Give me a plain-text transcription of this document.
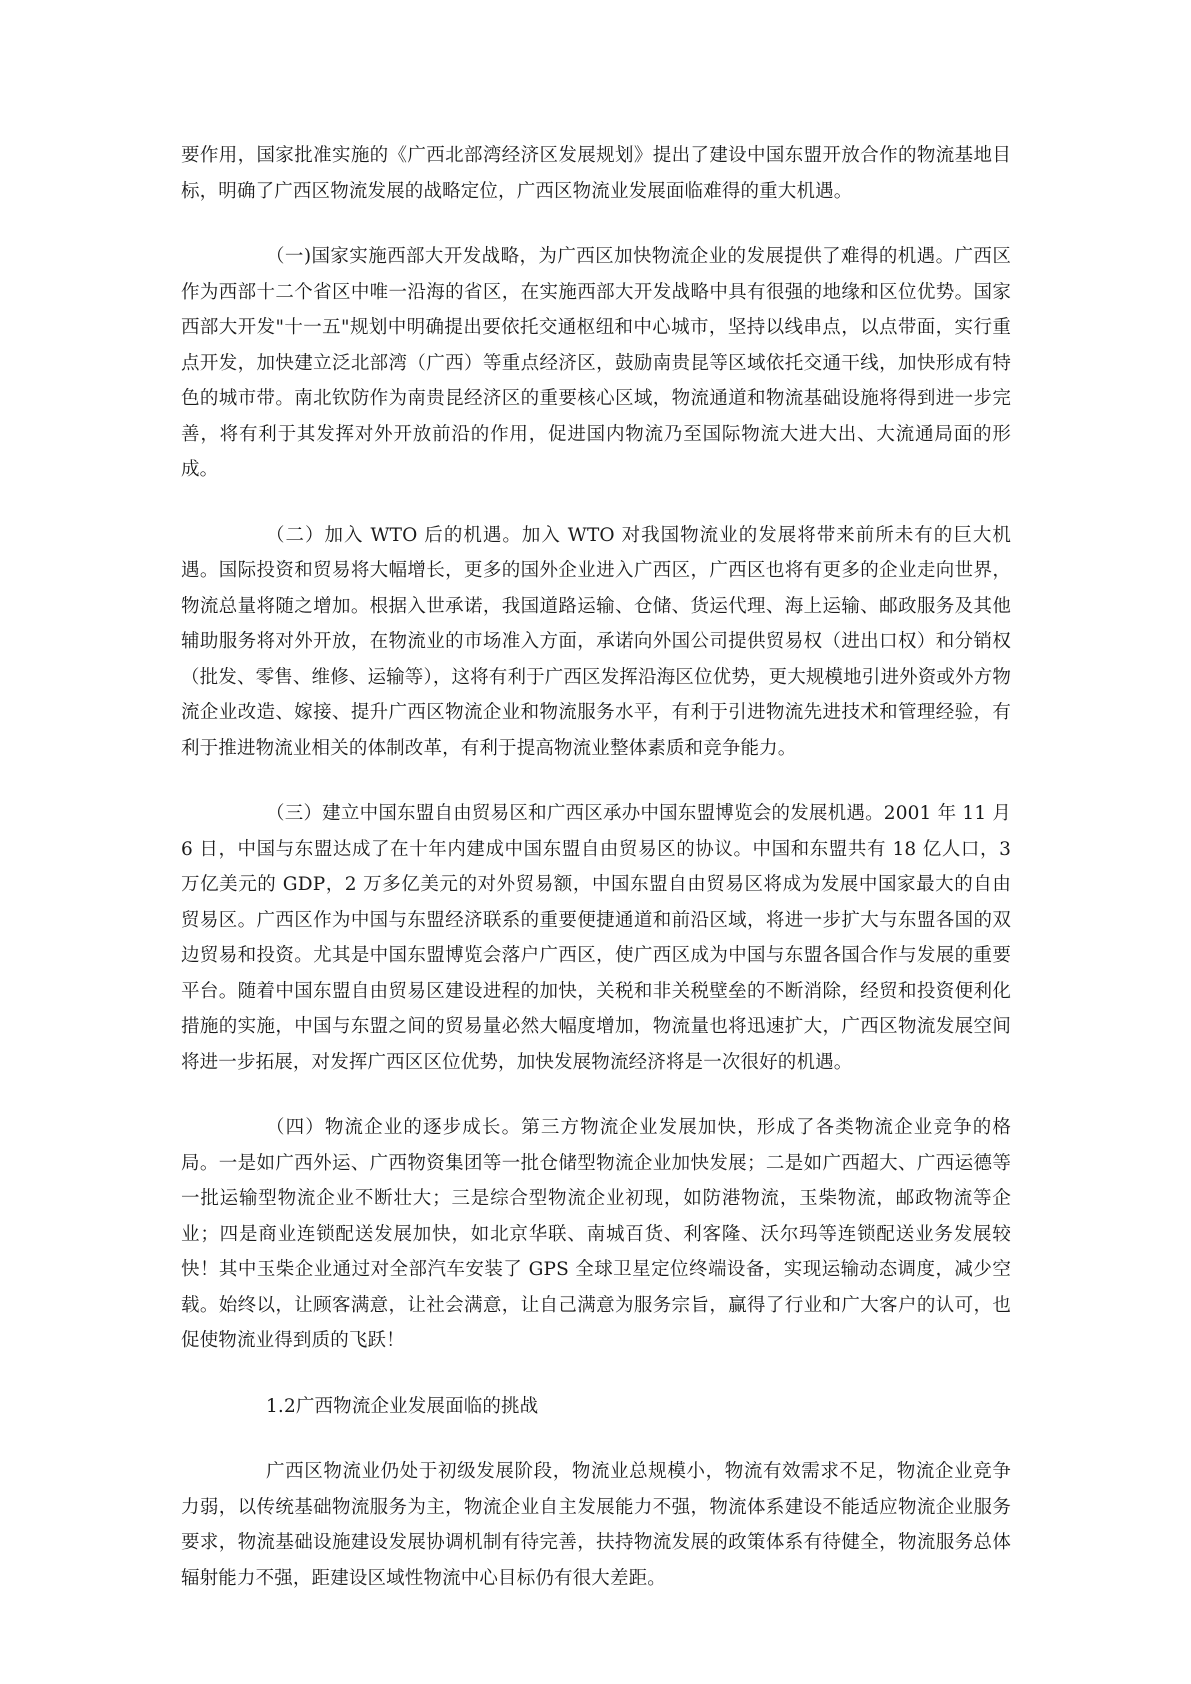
要作用，国家批准实施的《广西北部湾经济区发展规划》提出了建设中国东盟开放合作的物流基地目标，明确了广西区物流发展的战略定位，广西区物流业发展面临难得的重大机遇。

（一)国家实施西部大开发战略，为广西区加快物流企业的发展提供了难得的机遇。广西区作为西部十二个省区中唯一沿海的省区，在实施西部大开发战略中具有很强的地缘和区位优势。国家西部大开发"十一五"规划中明确提出要依托交通枢纽和中心城市，坚持以线串点，以点带面，实行重点开发，加快建立泛北部湾（广西）等重点经济区，鼓励南贵昆等区域依托交通干线，加快形成有特色的城市带。南北钦防作为南贵昆经济区的重要核心区域，物流通道和物流基础设施将得到进一步完善，将有利于其发挥对外开放前沿的作用，促进国内物流乃至国际物流大进大出、大流通局面的形成。

（二）加入 WTO 后的机遇。加入 WTO 对我国物流业的发展将带来前所未有的巨大机遇。国际投资和贸易将大幅增长，更多的国外企业进入广西区，广西区也将有更多的企业走向世界，物流总量将随之增加。根据入世承诺，我国道路运输、仓储、货运代理、海上运输、邮政服务及其他辅助服务将对外开放，在物流业的市场准入方面，承诺向外国公司提供贸易权（进出口权）和分销权（批发、零售、维修、运输等），这将有利于广西区发挥沿海区位优势，更大规模地引进外资或外方物流企业改造、嫁接、提升广西区物流企业和物流服务水平，有利于引进物流先进技术和管理经验，有利于推进物流业相关的体制改革，有利于提高物流业整体素质和竞争能力。

（三）建立中国东盟自由贸易区和广西区承办中国东盟博览会的发展机遇。2001 年 11 月 6 日，中国与东盟达成了在十年内建成中国东盟自由贸易区的协议。中国和东盟共有 18 亿人口，3 万亿美元的 GDP，2 万多亿美元的对外贸易额，中国东盟自由贸易区将成为发展中国家最大的自由贸易区。广西区作为中国与东盟经济联系的重要便捷通道和前沿区域，将进一步扩大与东盟各国的双边贸易和投资。尤其是中国东盟博览会落户广西区，使广西区成为中国与东盟各国合作与发展的重要平台。随着中国东盟自由贸易区建设进程的加快，关税和非关税壁垒的不断消除，经贸和投资便利化措施的实施，中国与东盟之间的贸易量必然大幅度增加，物流量也将迅速扩大，广西区物流发展空间将进一步拓展，对发挥广西区区位优势，加快发展物流经济将是一次很好的机遇。

（四）物流企业的逐步成长。第三方物流企业发展加快，形成了各类物流企业竞争的格局。一是如广西外运、广西物资集团等一批仓储型物流企业加快发展；二是如广西超大、广西运德等一批运输型物流企业不断壮大；三是综合型物流企业初现，如防港物流，玉柴物流，邮政物流等企业；四是商业连锁配送发展加快，如北京华联、南城百货、利客隆、沃尔玛等连锁配送业务发展较快！其中玉柴企业通过对全部汽车安装了 GPS 全球卫星定位终端设备，实现运输动态调度，减少空载。始终以，让顾客满意，让社会满意，让自己满意为服务宗旨，赢得了行业和广大客户的认可，也促使物流业得到质的飞跃！

1.2广西物流企业发展面临的挑战

广西区物流业仍处于初级发展阶段，物流业总规模小，物流有效需求不足，物流企业竞争力弱，以传统基础物流服务为主，物流企业自主发展能力不强，物流体系建设不能适应物流企业服务要求，物流基础设施建设发展协调机制有待完善，扶持物流发展的政策体系有待健全，物流服务总体辐射能力不强，距建设区域性物流中心目标仍有很大差距。
